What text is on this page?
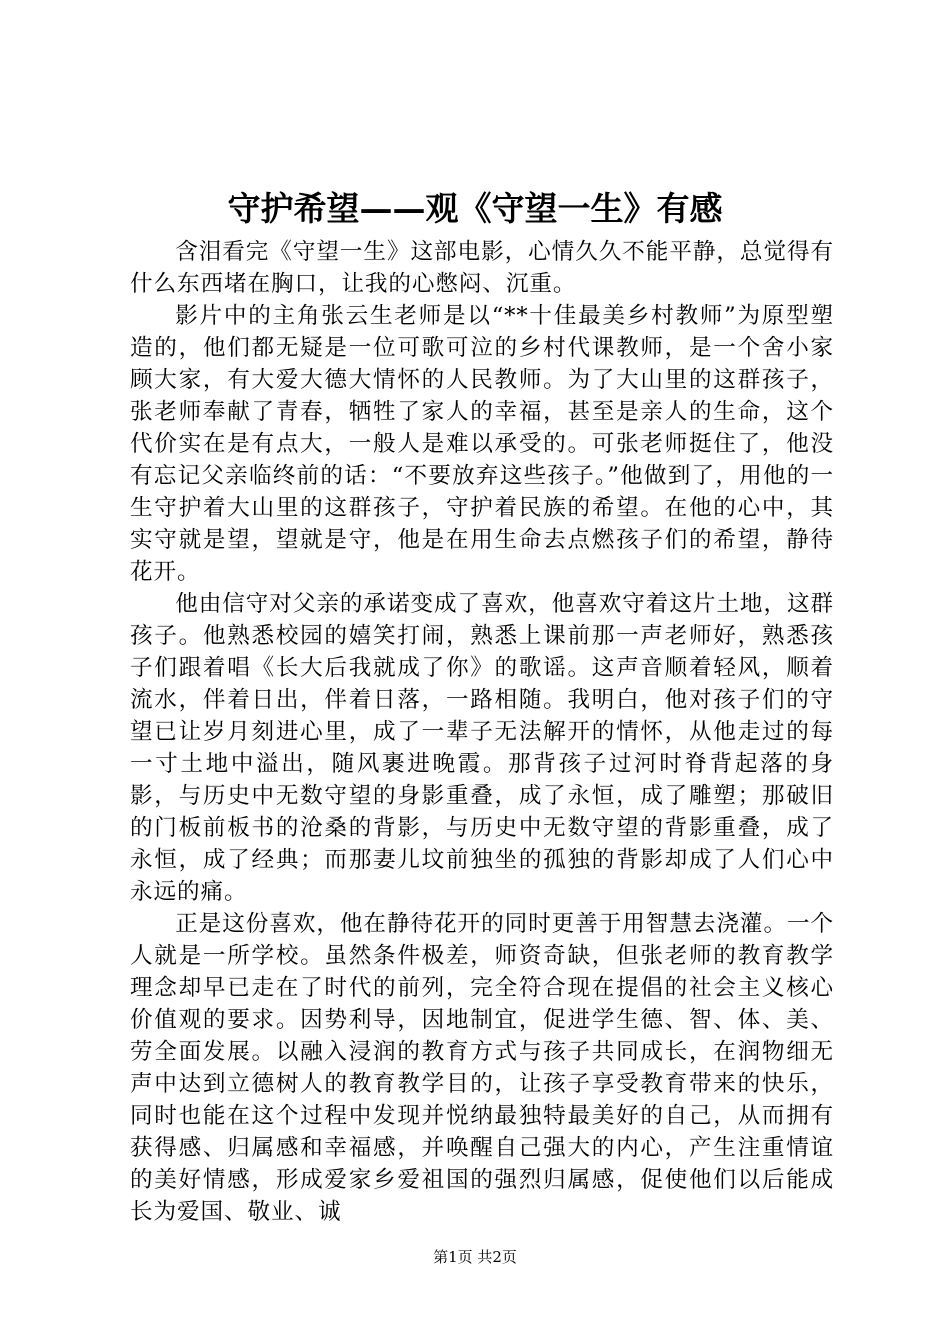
守护希望——观《守望一生》有感

含泪看完《守望一生》这部电影，心情久久不能平静，总觉得有什么东西堵在胸口，让我的心憋闷、沉重。

影片中的主角张云生老师是以“**十佳最美乡村教师”为原型塑造的，他们都无疑是一位可歌可泣的乡村代课教师，是一个舍小家顾大家，有大爱大德大情怀的人民教师。为了大山里的这群孩子，张老师奉献了青春，牺牲了家人的幸福，甚至是亲人的生命，这个代价实在是有点大，一般人是难以承受的。可张老师挺住了，他没有忘记父亲临终前的话：“不要放弃这些孩子。”他做到了，用他的一生守护着大山里的这群孩子，守护着民族的希望。在他的心中，其实守就是望，望就是守，他是在用生命去点燃孩子们的希望，静待花开。

他由信守对父亲的承诺变成了喜欢，他喜欢守着这片土地，这群孩子。他熟悉校园的嬉笑打闹，熟悉上课前那一声老师好，熟悉孩子们跟着唱《长大后我就成了你》的歌谣。这声音顺着轻风，顺着流水，伴着日出，伴着日落，一路相随。我明白，他对孩子们的守望已让岁月刻进心里，成了一辈子无法解开的情怀，从他走过的每一寸土地中溢出，随风裹进晚霞。那背孩子过河时脊背起落的身影，与历史中无数守望的身影重叠，成了永恒，成了雕塑；那破旧的门板前板书的沧桑的背影，与历史中无数守望的背影重叠，成了永恒，成了经典；而那妻儿坟前独坐的孤独的背影却成了人们心中永远的痛。

正是这份喜欢，他在静待花开的同时更善于用智慧去浇灌。一个人就是一所学校。虽然条件极差，师资奇缺，但张老师的教育教学理念却早已走在了时代的前列，完全符合现在提倡的社会主义核心价值观的要求。因势利导，因地制宜，促进学生德、智、体、美、劳全面发展。以融入浸润的教育方式与孩子共同成长，在润物细无声中达到立德树人的教育教学目的，让孩子享受教育带来的快乐，同时也能在这个过程中发现并悦纳最独特最美好的自己，从而拥有获得感、归属感和幸福感，并唤醒自己强大的内心，产生注重情谊的美好情感，形成爱家乡爱祖国的强烈归属感，促使他们以后能成长为爱国、敬业、诚

第1页 共2页
